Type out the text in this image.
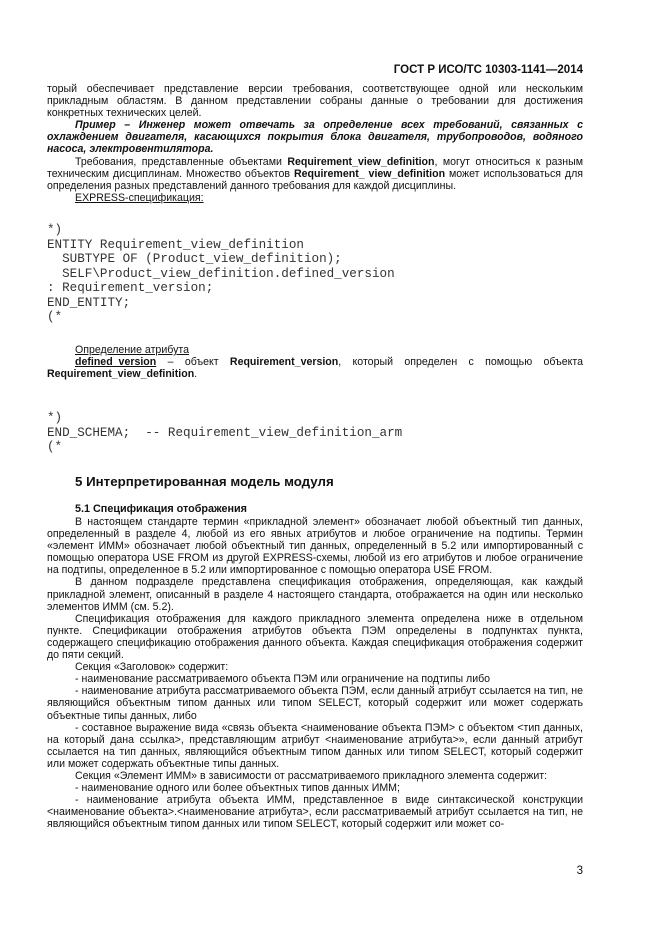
ГОСТ Р ИСО/ТС 10303-1141—2014

торый обеспечивает представление версии требования, соответствующее одной или нескольким прикладным областям. В данном представлении собраны данные о требовании для достижения конкретных технических целей.

Пример – Инженер может отвечать за определение всех требований, связанных с охлаждением двигателя, касающихся покрытия блока двигателя, трубопроводов, водяного насоса, электровентилятора.

Требования, представленные объектами Requirement_view_definition, могут относиться к разным техническим дисциплинам. Множество объектов Requirement_ view_definition может использоваться для определения разных представлений данного требования для каждой дисциплины.

EXPRESS-спецификация:

*)
ENTITY Requirement_view_definition
SUBTYPE OF (Product_view_definition);
SELF\Product_view_definition.defined_version
: Requirement_version;
END_ENTITY;
(*

Определение атрибута

defined_version – объект Requirement_version, который определен с помощью объекта Requirement_view_definition.

*)
END_SCHEMA;  -- Requirement_view_definition_arm
(*
5 Интерпретированная модель модуля
5.1 Спецификация отображения

В настоящем стандарте термин «прикладной элемент» обозначает любой объектный тип данных, определенный в разделе 4, любой из его явных атрибутов и любое ограничение на подтипы. Термин «элемент ИММ» обозначает любой объектный тип данных, определенный в 5.2 или импортированный с помощью оператора USE FROM из другой EXPRESS-схемы, любой из его атрибутов и любое ограничение на подтипы, определенное в 5.2 или импортированное с помощью оператора USE FROM.

В данном подразделе представлена спецификация отображения, определяющая, как каждый прикладной элемент, описанный в разделе 4 настоящего стандарта, отображается на один или несколько элементов ИММ (см. 5.2).

Спецификация отображения для каждого прикладного элемента определена ниже в отдельном пункте. Спецификации отображения атрибутов объекта ПЭМ определены в подпунктах пункта, содержащего спецификацию отображения данного объекта. Каждая спецификация отображения содержит до пяти секций.

Секция «Заголовок» содержит:

- наименование рассматриваемого объекта ПЭМ или ограничение на подтипы либо

- наименование атрибута рассматриваемого объекта ПЭМ, если данный атрибут ссылается на тип, не являющийся объектным типом данных или типом SELECT, который содержит или может содержать объектные типы данных, либо

- составное выражение вида «связь объекта <наименование объекта ПЭМ> с объектом <тип данных, на который дана ссылка>, представляющим атрибут <наименование атрибута>», если данный атрибут ссылается на тип данных, являющийся объектным типом данных или типом SELECT, который содержит или может содержать объектные типы данных.

Секция «Элемент ИММ» в зависимости от рассматриваемого прикладного элемента содержит:

- наименование одного или более объектных типов данных ИММ;

- наименование атрибута объекта ИММ, представленное в виде синтаксической конструкции <наименование объекта>.<наименование атрибута>, если рассматриваемый атрибут ссылается на тип, не являющийся объектным типом данных или типом SELECT, который содержит или может со-

3
